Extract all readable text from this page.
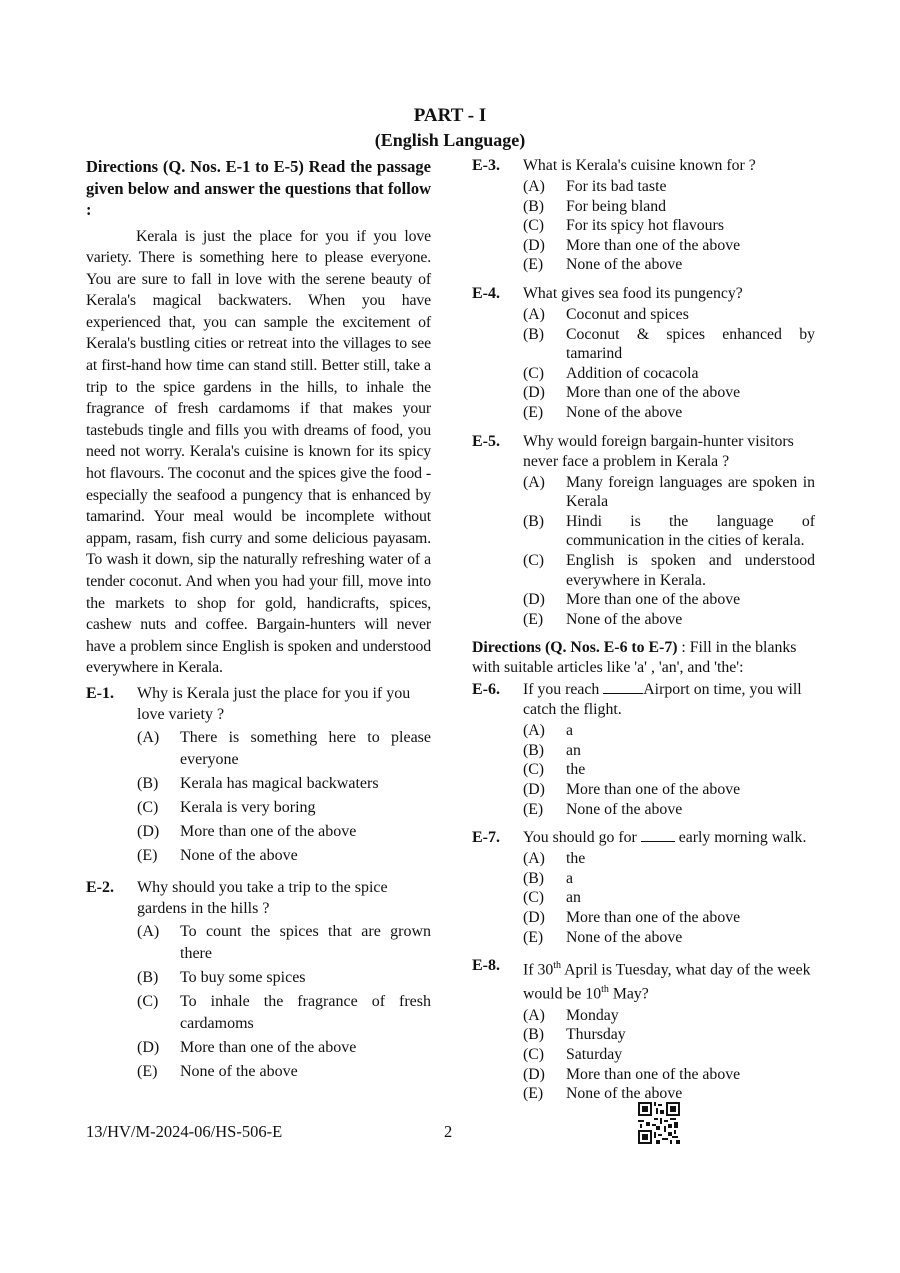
PART - I
(English Language)
Directions (Q. Nos. E-1 to E-5) Read the passage given below and answer the questions that follow :
Kerala is just the place for you if you love variety. There is something here to please everyone. You are sure to fall in love with the serene beauty of Kerala's magical backwaters. When you have experienced that, you can sample the excitement of Kerala's bustling cities or retreat into the villages to see at first-hand how time can stand still. Better still, take a trip to the spice gardens in the hills, to inhale the fragrance of fresh cardamoms if that makes your tastebuds tingle and fills you with dreams of food, you need not worry. Kerala's cuisine is known for its spicy hot flavours. The coconut and the spices give the food - especially the seafood a pungency that is enhanced by tamarind. Your meal would be incomplete without appam, rasam, fish curry and some delicious payasam. To wash it down, sip the naturally refreshing water of a tender coconut. And when you had your fill, move into the markets to shop for gold, handicrafts, spices, cashew nuts and coffee. Bargain-hunters will never have a problem since English is spoken and understood everywhere in Kerala.
E-1. Why is Kerala just the place for you if you love variety ?
(A) There is something here to please everyone
(B) Kerala has magical backwaters
(C) Kerala is very boring
(D) More than one of the above
(E) None of the above
E-2. Why should you take a trip to the spice gardens in the hills ?
(A) To count the spices that are grown there
(B) To buy some spices
(C) To inhale the fragrance of fresh cardamoms
(D) More than one of the above
(E) None of the above
E-3. What is Kerala's cuisine known for ?
(A) For its bad taste
(B) For being bland
(C) For its spicy hot flavours
(D) More than one of the above
(E) None of the above
E-4. What gives sea food its pungency?
(A) Coconut and spices
(B) Coconut & spices enhanced by tamarind
(C) Addition of cocacola
(D) More than one of the above
(E) None of the above
E-5. Why would foreign bargain-hunter visitors never face a problem in Kerala ?
(A) Many foreign languages are spoken in Kerala
(B) Hindi is the language of communication in the cities of kerala.
(C) English is spoken and understood everywhere in Kerala.
(D) More than one of the above
(E) None of the above
Directions (Q. Nos. E-6 to E-7) : Fill in the blanks with suitable articles like 'a' , 'an', and 'the':
E-6. If you reach	Airport on time, you will catch the flight.
(A) a
(B) an
(C) the
(D) More than one of the above
(E) None of the above
E-7. You should go for	early morning walk.
(A) the
(B) a
(C) an
(D) More than one of the above
(E) None of the above
E-8. If 30th April is Tuesday, what day of the week would be 10th May?
(A) Monday
(B) Thursday
(C) Saturday
(D) More than one of the above
(E) None of the above
13/HV/M-2024-06/HS-506-E	2
